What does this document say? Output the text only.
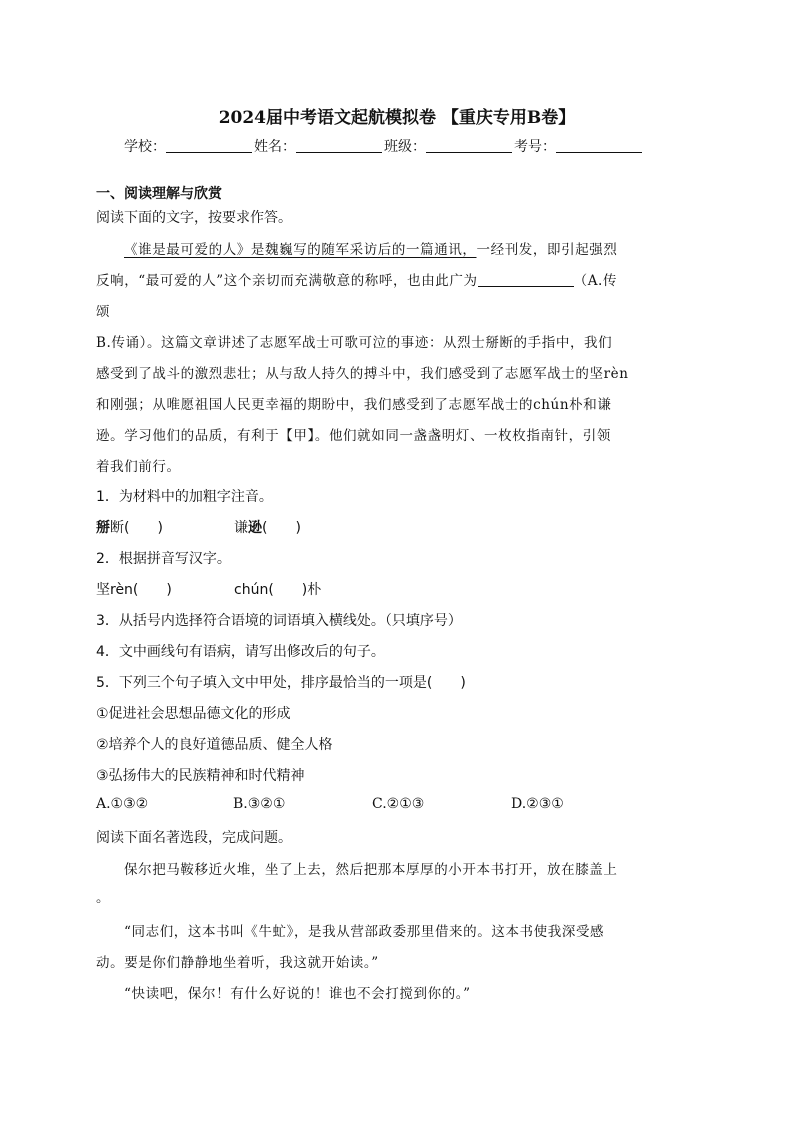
2024届中考语文起航模拟卷 【重庆专用B卷】
学校：	姓名：	班级：	考号：
一、阅读理解与欣赏
阅读下面的文字，按要求作答。
《谁是最可爱的人》是魏巍写的随军采访后的一篇通讯，一经刊发，即引起强烈
反响，“最可爱的人”这个亲切而充满敬意的称呼，也由此广为	（A.传
颂
B.传诵）。这篇文章讲述了志愿军战士可歌可泣的事迹：从烈士掰断的手指中，我们
感受到了战斗的激烈悲壮；从与敌人持久的搏斗中，我们感受到了志愿军战士的坚rèn
和刚强；从唯愿祖国人民更幸福的期盼中，我们感受到了志愿军战士的chún朴和谦
逊。学习他们的品质，有利于【甲】。他们就如同一盏盏明灯、一枚枚指南针，引领
着我们前行。
1．为材料中的加粗字注音。
掰断(　　)	谦逊(　　)
2．根据拼音写汉字。
坚rèn(　　)	chún(　　)朴
3．从括号内选择符合语境的词语填入横线处。（只填序号）
4．文中画线句有语病，请写出修改后的句子。
5．下列三个句子填入文中甲处，排序最恰当的一项是(　　)
①促进社会思想品德文化的形成
②培养个人的良好道德品质、健全人格
③弘扬伟大的民族精神和时代精神
A.①③②	B.③②①	C.②①③	D.②③①
阅读下面名著选段，完成问题。
保尔把马鞍移近火堆，坐了上去，然后把那本厚厚的小开本书打开，放在膝盖上
。
“同志们，这本书叫《牛虻》，是我从营部政委那里借来的。这本书使我深受感
动。要是你们静静地坐着听，我这就开始读。”
“快读吧，保尔！有什么好说的！谁也不会打搅到你的。”
